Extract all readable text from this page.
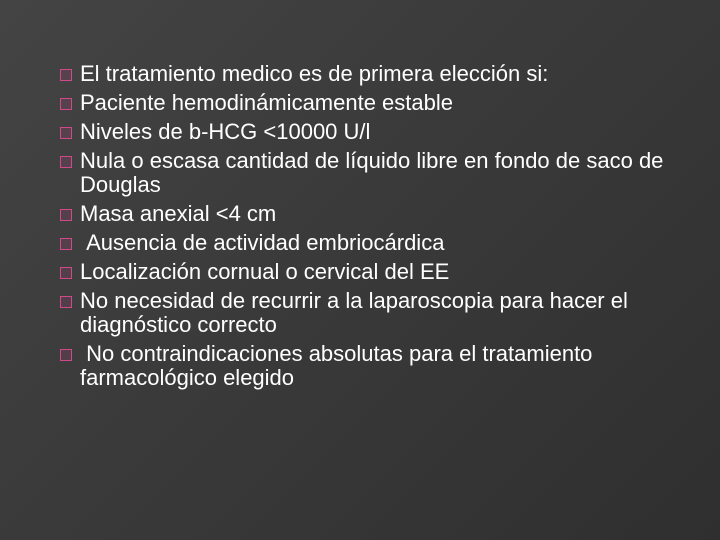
El tratamiento medico es de primera elección si:
Paciente hemodinámicamente estable
Niveles de b-HCG <10000 U/l
Nula o escasa cantidad de líquido libre en fondo de saco de Douglas
Masa anexial <4 cm
Ausencia de actividad embriocárdica
Localización cornual o cervical del EE
No necesidad de recurrir a la laparoscopia para hacer el diagnóstico correcto
No contraindicaciones absolutas para el tratamiento farmacológico elegido
